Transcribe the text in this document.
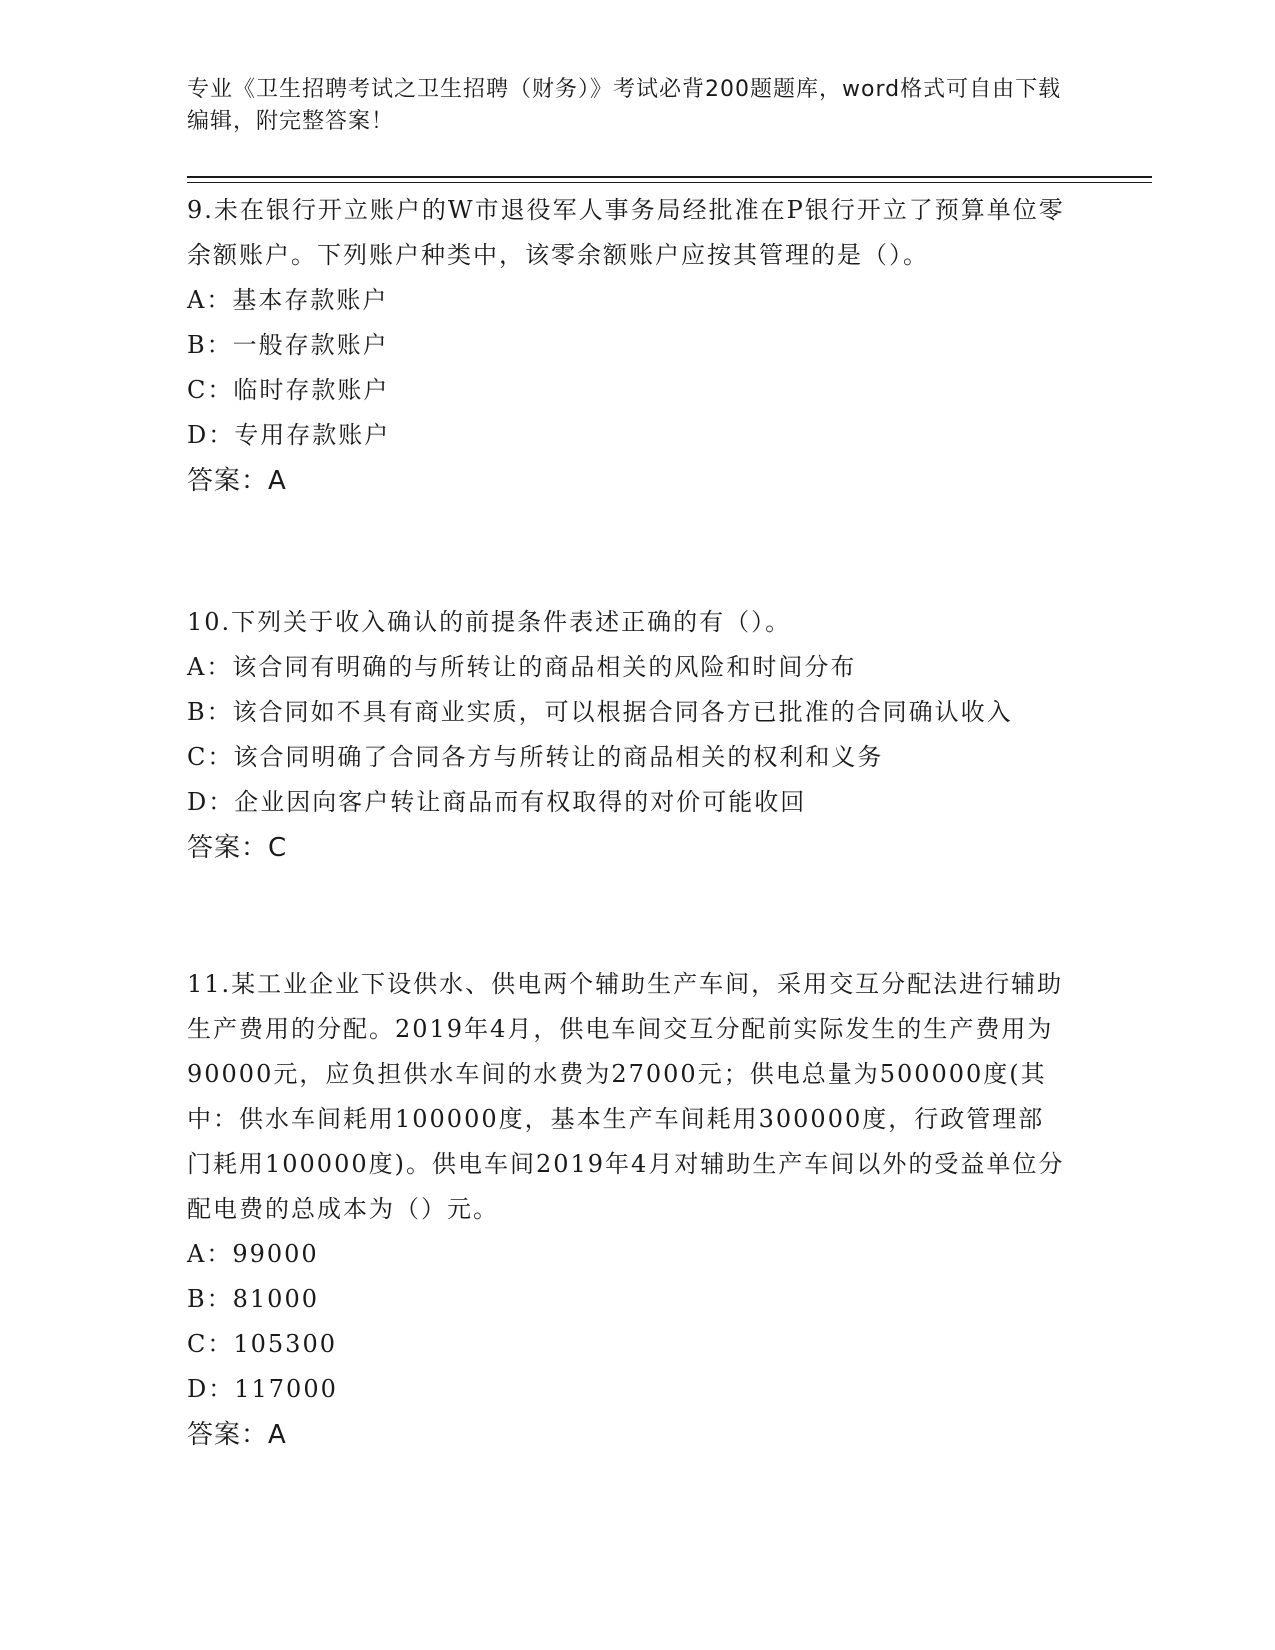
专业《卫生招聘考试之卫生招聘（财务）》考试必背200题题库，word格式可自由下载编辑，附完整答案！

9.未在银行开立账户的W市退役军人事务局经批准在P银行开立了预算单位零余额账户。下列账户种类中，该零余额账户应按其管理的是（）。

A：基本存款账户

B：一般存款账户

C：临时存款账户

D：专用存款账户

答案：A

10.下列关于收入确认的前提条件表述正确的有（）。

A：该合同有明确的与所转让的商品相关的风险和时间分布

B：该合同如不具有商业实质，可以根据合同各方已批准的合同确认收入

C：该合同明确了合同各方与所转让的商品相关的权利和义务

D：企业因向客户转让商品而有权取得的对价可能收回

答案：C

11.某工业企业下设供水、供电两个辅助生产车间，采用交互分配法进行辅助生产费用的分配。2019年4月，供电车间交互分配前实际发生的生产费用为90000元，应负担供水车间的水费为27000元；供电总量为500000度(其中：供水车间耗用100000度，基本生产车间耗用300000度，行政管理部门耗用100000度)。供电车间2019年4月对辅助生产车间以外的受益单位分配电费的总成本为（）元。

A：99000

B：81000

C：105300

D：117000

答案：A
